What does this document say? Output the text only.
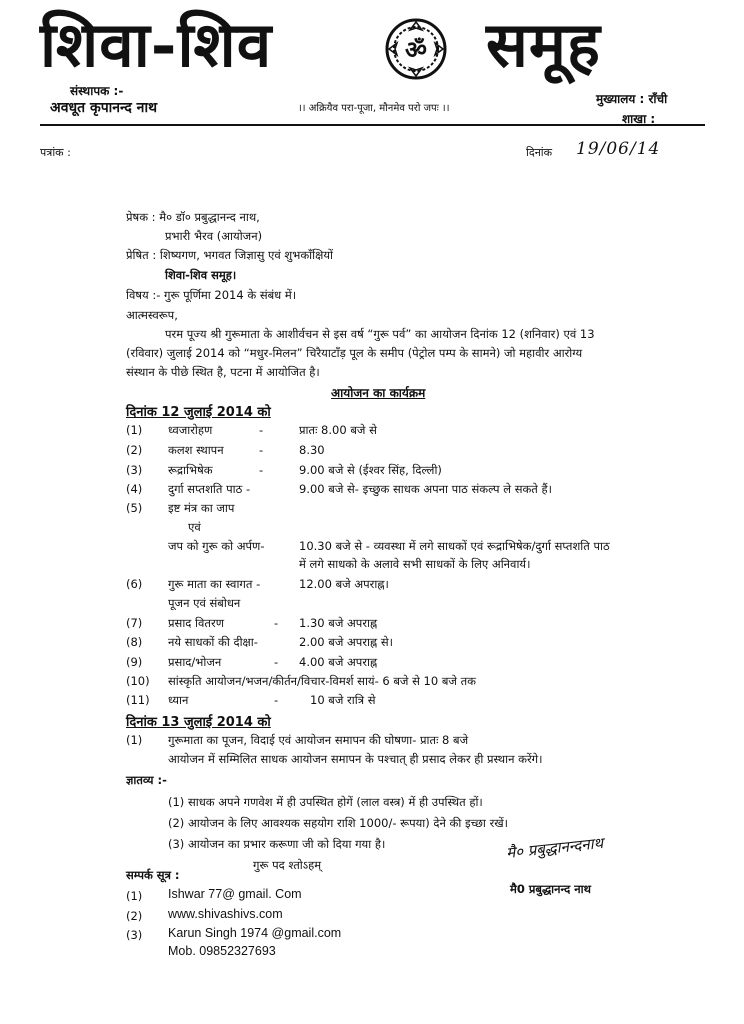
शिवा-शिव	ॐ समूह
संस्थापक :-
अवधूत कृपानन्द नाथ	।। अक्रियैव परा-पूजा, मौनमेव परो जपः ।।
मुख्यालय : राँची
शाखा :
पत्रांक :	दिनांक 19/06/14
प्रेषक : मै० डॉ० प्रबुद्धानन्द नाथ,
प्रभारी भैरव (आयोजन)
प्रेषित : शिष्यगण, भगवत जिज्ञासु एवं शुभकाँक्षियों
शिवा-शिव समूह।
विषय :- गुरू पूर्णिमा 2014 के संबंध में।
आत्मस्वरूप,
परम पूज्य श्री गुरूमाता के आशीर्वचन से इस वर्ष “गुरू पर्व” का आयोजन दिनांक 12 (शनिवार) एवं 13
(रविवार) जुलाई 2014 को “मधुर-मिलन” चिरैयाटाँड़ पूल के समीप (पेट्रोल पम्प के सामने) जो महावीर आरोग्य
संस्थान के पीछे स्थित है, पटना में आयोजित है।
आयोजन का कार्यक्रम
दिनांक 12 जुलाई 2014 को
(1) ध्वजारोहण	-	प्रातः 8.00 बजे से
(2) कलश स्थापन	-	8.30
(3) रूद्राभिषेक	-	9.00 बजे से (ईश्वर सिंह, दिल्ली)
(4) दुर्गा सप्तशति पाठ -	9.00 बजे से- इच्छुक साधक अपना पाठ संकल्प ले सकते हैं।
(5) इष्ट मंत्र का जाप
एवं
जप को गुरू को अर्पण-	10.30 बजे से - व्यवस्था में लगे साधकों एवं रूद्राभिषेक/दुर्गा सप्तशति पाठ
में लगे साधको के अलावे सभी साधकों के लिए अनिवार्य।
(6) गुरू माता का स्वागत -
पूजन एवं संबोधन
12.00 बजे अपराह्न।
(7) प्रसाद वितरण	- 1.30 बजे अपराह्न
(8) नये साधकों की दीक्षा-	2.00 बजे अपराह्न से।
(9) प्रसाद/भोजन	- 4.00 बजे अपराह्न
(10) सांस्कृति आयोजन/भजन/कीर्तन/विचार-विमर्श सायं- 6 बजे से 10 बजे तक
(11) ध्यान	-	10 बजे रात्रि से
दिनांक 13 जुलाई 2014 को
(1) गुरूमाता का पूजन, विदाई एवं आयोजन समापन की घोषणा- प्रातः 8 बजे
आयोजन में सम्मिलित साधक आयोजन समापन के पश्चात् ही प्रसाद लेकर ही प्रस्थान करेंगे।
ज्ञातव्य :-
(1) साधक अपने गणवेश में ही उपस्थित होगें (लाल वस्त्र) में ही उपस्थित हों।
(2) आयोजन के लिए आवश्यक सहयोग राशि 1000/- रूपया) देने की इच्छा रखें।
(3) आयोजन का प्रभार करूणा जी को दिया गया है।
गुरू पद श्तोऽहम्
मै० प्रबुद्धानन्दनाथ
मै0 प्रबुद्धानन्द नाथ
सम्पर्क सूत्र :
(1) Ishwar 77@ gmail. Com
(2) www.shivashivs.com
(3) Karun Singh 1974 @gmail.com
Mob. 09852327693
